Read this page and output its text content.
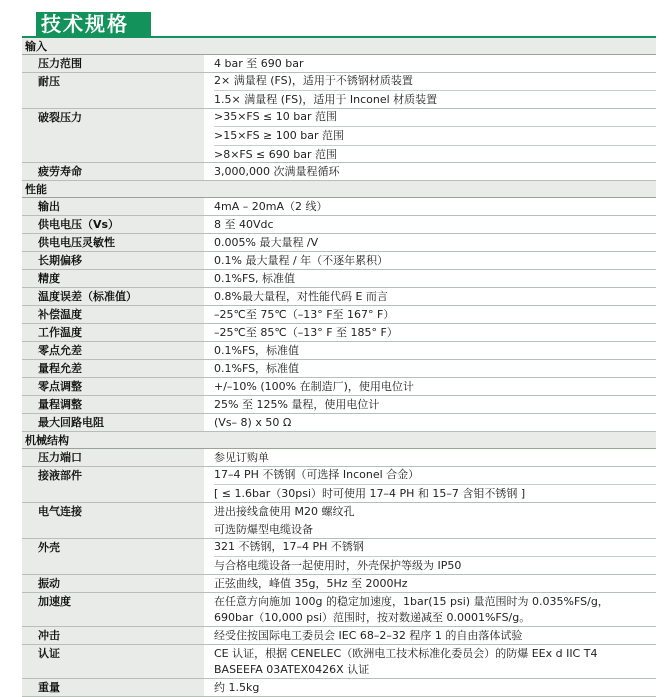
技术规格
输入
压力范围	4 bar 至 690 bar
耐压	2× 满量程 (FS)，适用于不锈钢材质装置
1.5× 满量程 (FS)，适用于 Inconel 材质装置
破裂压力	>35×FS ≤ 10 bar 范围
>15×FS ≥ 100 bar 范围
>8×FS ≤ 690 bar 范围
疲劳寿命	3,000,000 次满量程循环
性能
输出	4mA – 20mA（2 线）
供电电压（Vs）	8 至 40Vdc
供电电压灵敏性	0.005% 最大量程 /V
长期偏移	0.1% 最大量程 / 年（不逐年累积）
精度	0.1%FS, 标准值
温度误差（标准值）	0.8%最大量程，对性能代码 E 而言
补偿温度	–25℃至 75℃（–13° F至 167° F）
工作温度	–25℃至 85℃（–13° F 至 185° F）
零点允差	0.1%FS，标准值
量程允差	0.1%FS，标准值
零点调整	+/–10% (100% 在制造厂)，使用电位计
量程调整	25% 至 125% 量程，使用电位计
最大回路电阻	(Vs– 8) x 50 Ω
机械结构
压力端口	参见订购单
接液部件	17–4 PH 不锈钢（可选择 Inconel 合金）
[ ≤ 1.6bar（30psi）时可使用 17–4 PH 和 15–7 含钼不锈钢 ]
电气连接	进出接线盒使用 M20 螺纹孔
可选防爆型电缆设备
外壳	321 不锈钢，17–4 PH 不锈钢
与合格电缆设备一起使用时，外壳保护等级为 IP50
振动	正弦曲线，峰值 35g，5Hz 至 2000Hz
加速度	在任意方向施加 100g 的稳定加速度，1bar(15 psi) 量范围时为 0.035%FS/g，
690bar（10,000 psi）范围时，按对数递减至 0.0001%FS/g。
冲击	经受住按国际电工委员会 IEC 68–2–32 程序 1 的自由落体试验
认证	CE 认证，根据 CENELEC（欧洲电工技术标准化委员会）的防爆 EEx d IIC T4
BASEEFA 03ATEX0426X 认证
重量	约 1.5kg
